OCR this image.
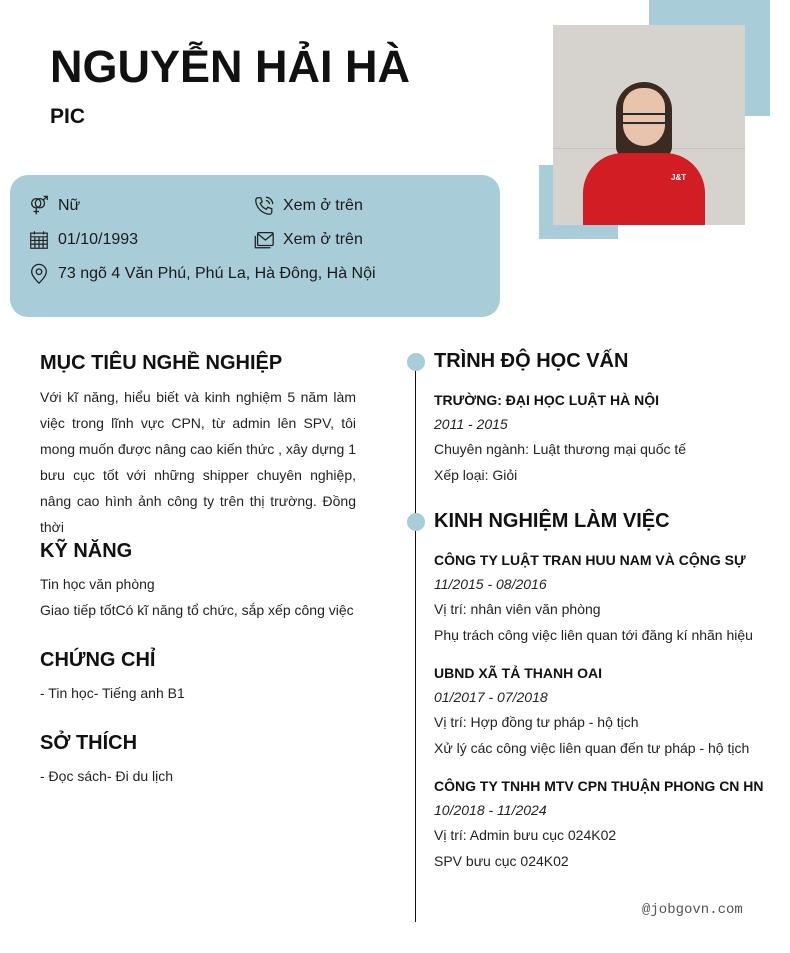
J&T
NGUYỄN HẢI HÀ
PIC
Nữ	Xem ở trên
01/10/1993	Xem ở trên
73 ngõ 4 Văn Phú, Phú La, Hà Đông, Hà Nội
MỤC TIÊU NGHỀ NGHIỆP

Với kĩ năng, hiểu biết và kinh nghiệm 5 năm làm việc trong lĩnh vực CPN, từ admin lên SPV, tôi mong muốn được nâng cao kiến thức , xây dựng 1 bưu cục tốt với những shipper chuyên nghiệp, nâng cao hình ảnh công ty trên thị trường. Đồng thời

KỸ NĂNG
Tin học văn phòng
Giao tiếp tốtCó kĩ năng tổ chức, sắp xếp công việc
CHỨNG CHỈ
- Tin học- Tiếng anh B1
SỞ THÍCH
- Đọc sách- Đi du lịch
TRÌNH ĐỘ HỌC VẤN
TRƯỜNG: ĐẠI HỌC LUẬT HÀ NỘI
2011 - 2015
Chuyên ngành: Luật thương mại quốc tế
Xếp loại: Giỏi
KINH NGHIỆM LÀM VIỆC
CÔNG TY LUẬT TRAN HUU NAM VÀ CỘNG SỰ
11/2015 - 08/2016
Vị trí: nhân viên văn phòng
Phụ trách công việc liên quan tới đăng kí nhãn hiệu
UBND XÃ TẢ THANH OAI
01/2017 - 07/2018
Vị trí: Hợp đồng tư pháp - hộ tịch
Xử lý các công việc liên quan đến tư pháp - hộ tịch
CÔNG TY TNHH MTV CPN THUẬN PHONG CN HN
10/2018 - 11/2024
Vị trí: Admin bưu cục 024K02
SPV bưu cục 024K02
@jobgovn.com
